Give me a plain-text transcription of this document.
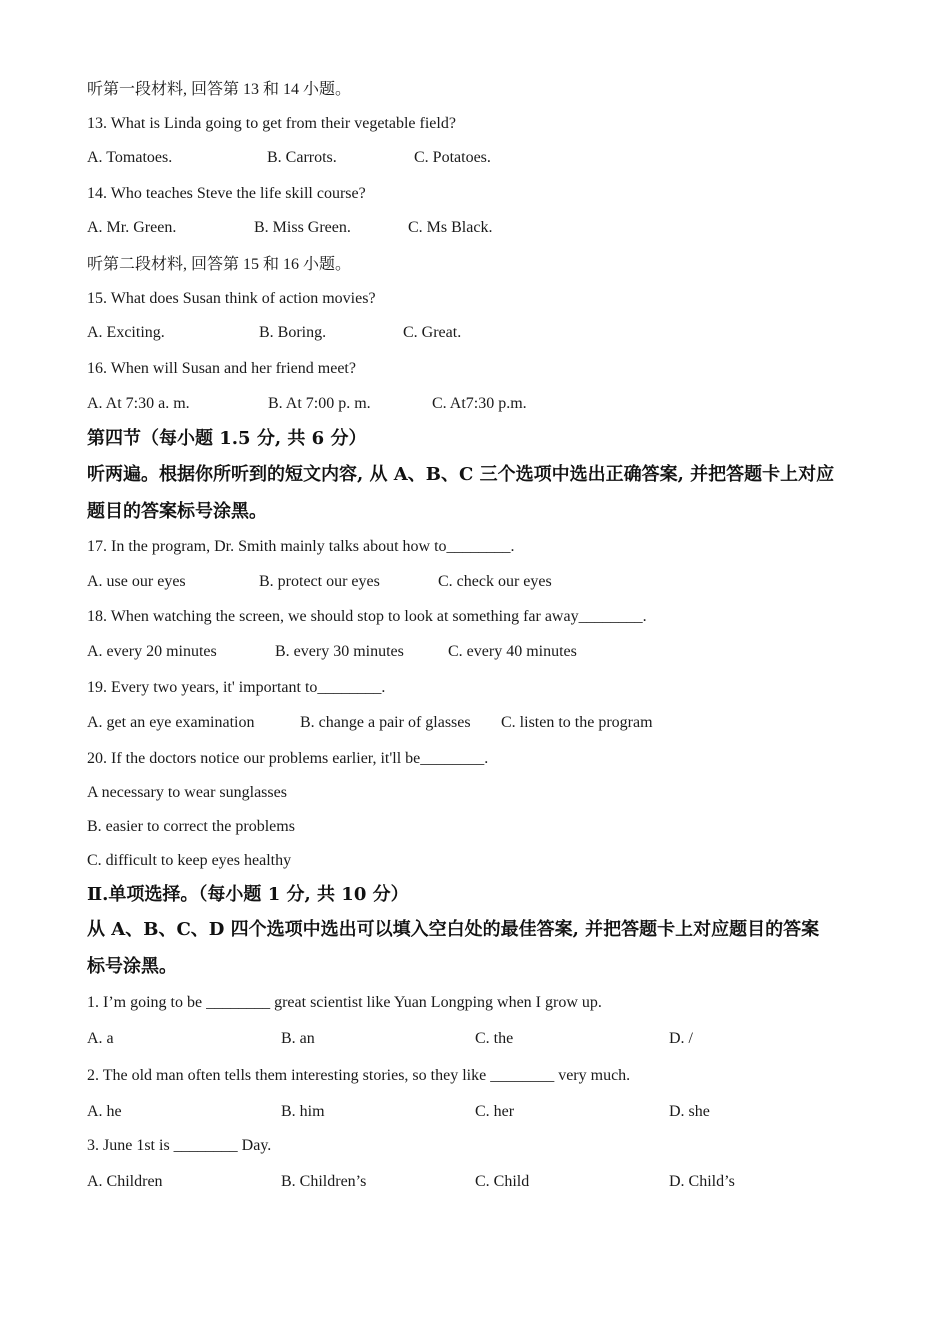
听第一段材料, 回答第 13 和 14 小题。
13. What is Linda going to get from their vegetable field?
A. Tomatoes.	B. Carrots.	C. Potatoes.
14. Who teaches Steve the life skill course?
A. Mr. Green.	B. Miss Green.	C. Ms Black.
听第二段材料, 回答第 15 和 16 小题。
15. What does Susan think of action movies?
A. Exciting.	B. Boring.	C. Great.
16. When will Susan and her friend meet?
A. At 7:30 a. m.	B. At 7:00 p. m.	C. At7:30 p.m.
第四节（每小题 1.5 分, 共 6 分）
听两遍。根据你所听到的短文内容, 从 A、B、C 三个选项中选出正确答案, 并把答题卡上对应
题目的答案标号涂黑。
17. In the program, Dr. Smith mainly talks about how to________.
A. use our eyes	B. protect our eyes	C. check our eyes
18. When watching the screen, we should stop to look at something far away________.
A. every 20 minutes	B. every 30 minutes	C. every 40 minutes
19. Every two years, it' important to________.
A. get an eye examination	B. change a pair of glasses C. listen to the program
20. If the doctors notice our problems earlier, it'll be________.
A necessary to wear sunglasses
B. easier to correct the problems
C. difficult to keep eyes healthy
Ⅱ.单项选择。（每小题 1 分, 共 10 分）
从 A、B、C、D 四个选项中选出可以填入空白处的最佳答案, 并把答题卡上对应题目的答案
标号涂黑。
1. I’m going to be ________ great scientist like Yuan Longping when I grow up.
A. a	B. an	C. the	D. /
2. The old man often tells them interesting stories, so they like ________ very much.
A. he	B. him	C. her	D. she
3. June 1st is ________ Day.
A. Children	B. Children’s	C. Child	D. Child’s
